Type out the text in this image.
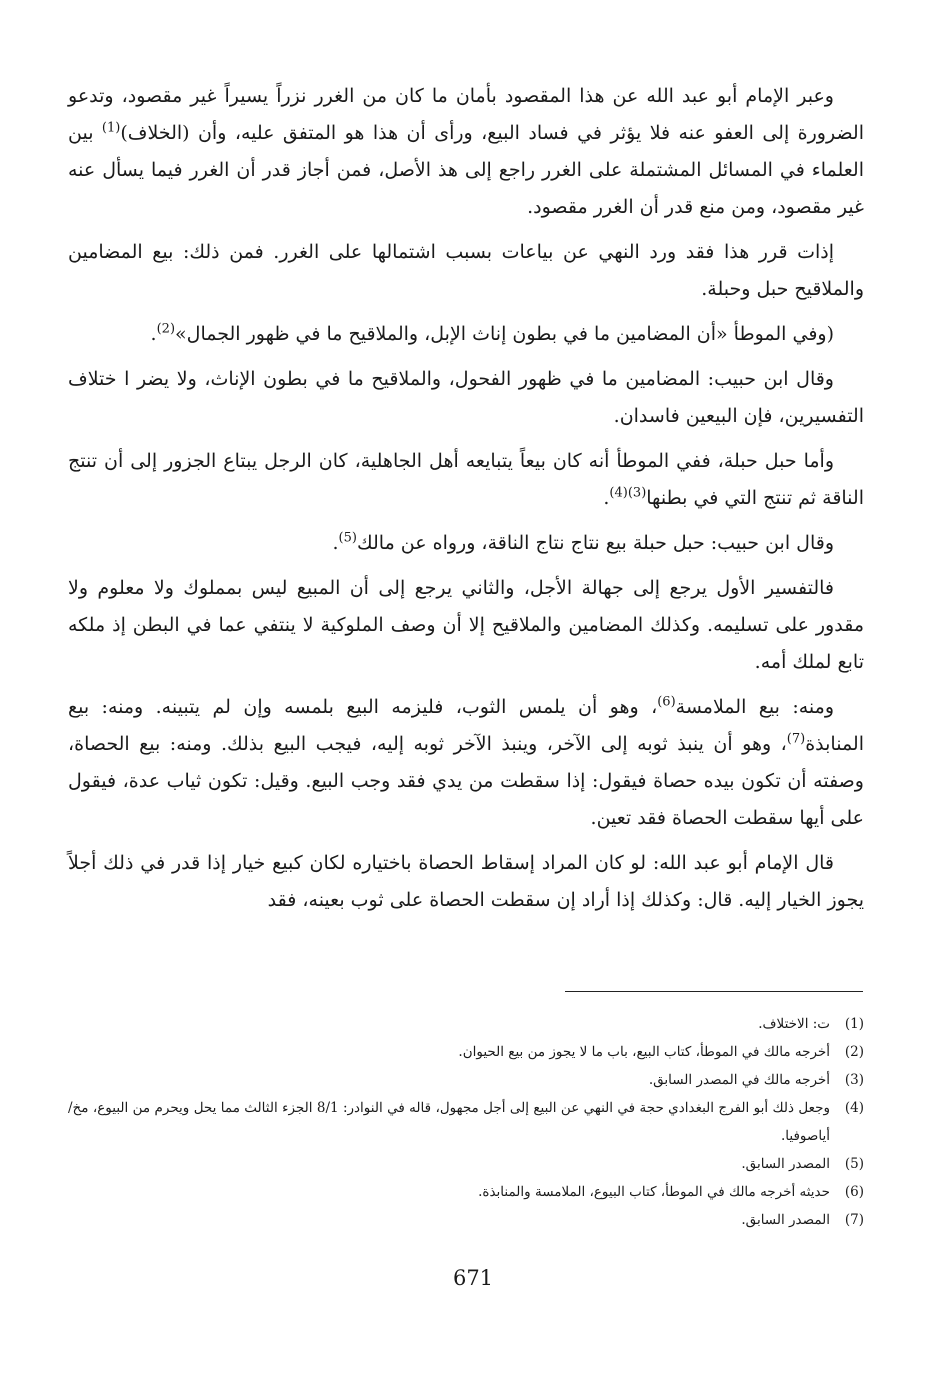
وعبر الإمام أبو عبد الله عن هذا المقصود بأمان ما كان من الغرر نزراً يسيراً غير مقصود، وتدعو الضرورة إلى العفو عنه فلا يؤثر في فساد البيع، ورأى أن هذا هو المتفق عليه، وأن (الخلاف)$^{(1)}$ بين العلماء في المسائل المشتملة على الغرر راجع إلى هذ الأصل، فمن أجاز قدر أن الغرر فيما يسأل عنه غير مقصود، ومن منع قدر أن الغرر مقصود.

إذات قرر هذا فقد ورد النهي عن بياعات بسبب اشتمالها على الغرر. فمن ذلك: بيع المضامين والملاقيح حبل وحبلة.

(وفي الموطأ «أن المضامين ما في بطون إناث الإبل، والملاقيح ما في ظهور الجمال»$^{(2)}$.

وقال ابن حبيب: المضامين ما في ظهور الفحول، والملاقيح ما في بطون الإناث، ولا يضر ا ختلاف التفسيرين، فإن البيعين فاسدان.

وأما حبل حبلة، ففي الموطأ أنه كان بيعاً يتبايعه أهل الجاهلية، كان الرجل يبتاع الجزور إلى أن تنتج الناقة ثم تنتج التي في بطنها$^{(3)(4)}$.

وقال ابن حبيب: حبل حبلة بيع نتاج نتاج الناقة، ورواه عن مالك$^{(5)}$.

فالتفسير الأول يرجع إلى جهالة الأجل، والثاني يرجع إلى أن المبيع ليس بمملوك ولا معلوم ولا مقدور على تسليمه. وكذلك المضامين والملاقيح إلا أن وصف الملوكية لا ينتفي عما في البطن إذ ملكه تابع لملك أمه.

ومنه: بيع الملامسة$^{(6)}$، وهو أن يلمس الثوب، فليزمه البيع بلمسه وإن لم يتبينه. ومنه: بيع المنابذة$^{(7)}$، وهو أن ينبذ ثوبه إلى الآخر، وينبذ الآخر ثوبه إليه، فيجب البيع بذلك. ومنه: بيع الحصاة، وصفته أن تكون بيده حصاة فيقول: إذا سقطت من يدي فقد وجب البيع. وقيل: تكون ثياب عدة، فيقول على أيها سقطت الحصاة فقد تعين.

قال الإمام أبو عبد الله: لو كان المراد إسقاط الحصاة باختياره لكان كبيع خيار إذا قدر في ذلك أجلاً يجوز الخيار إليه. قال: وكذلك إذا أراد إن سقطت الحصاة على ثوب بعينه، فقد

(1)
ت: الاختلاف.
(2)
أخرجه مالك في الموطأ، كتاب البيع، باب ما لا يجوز من بيع الحيوان.
(3)
أخرجه مالك في المصدر السابق.
(4)
وجعل ذلك أبو الفرج البغدادي حجة في النهي عن البيع إلى أجل مجهول، قاله في النوادر: 8/1 الجزء الثالث مما يحل ويحرم من البيوع، مخ/ أياصوفيا.
(5)
المصدر السابق.
(6)
حديثه أخرجه مالك في الموطأ، كتاب البيوع، الملامسة والمنابذة.
(7)
المصدر السابق.
671
